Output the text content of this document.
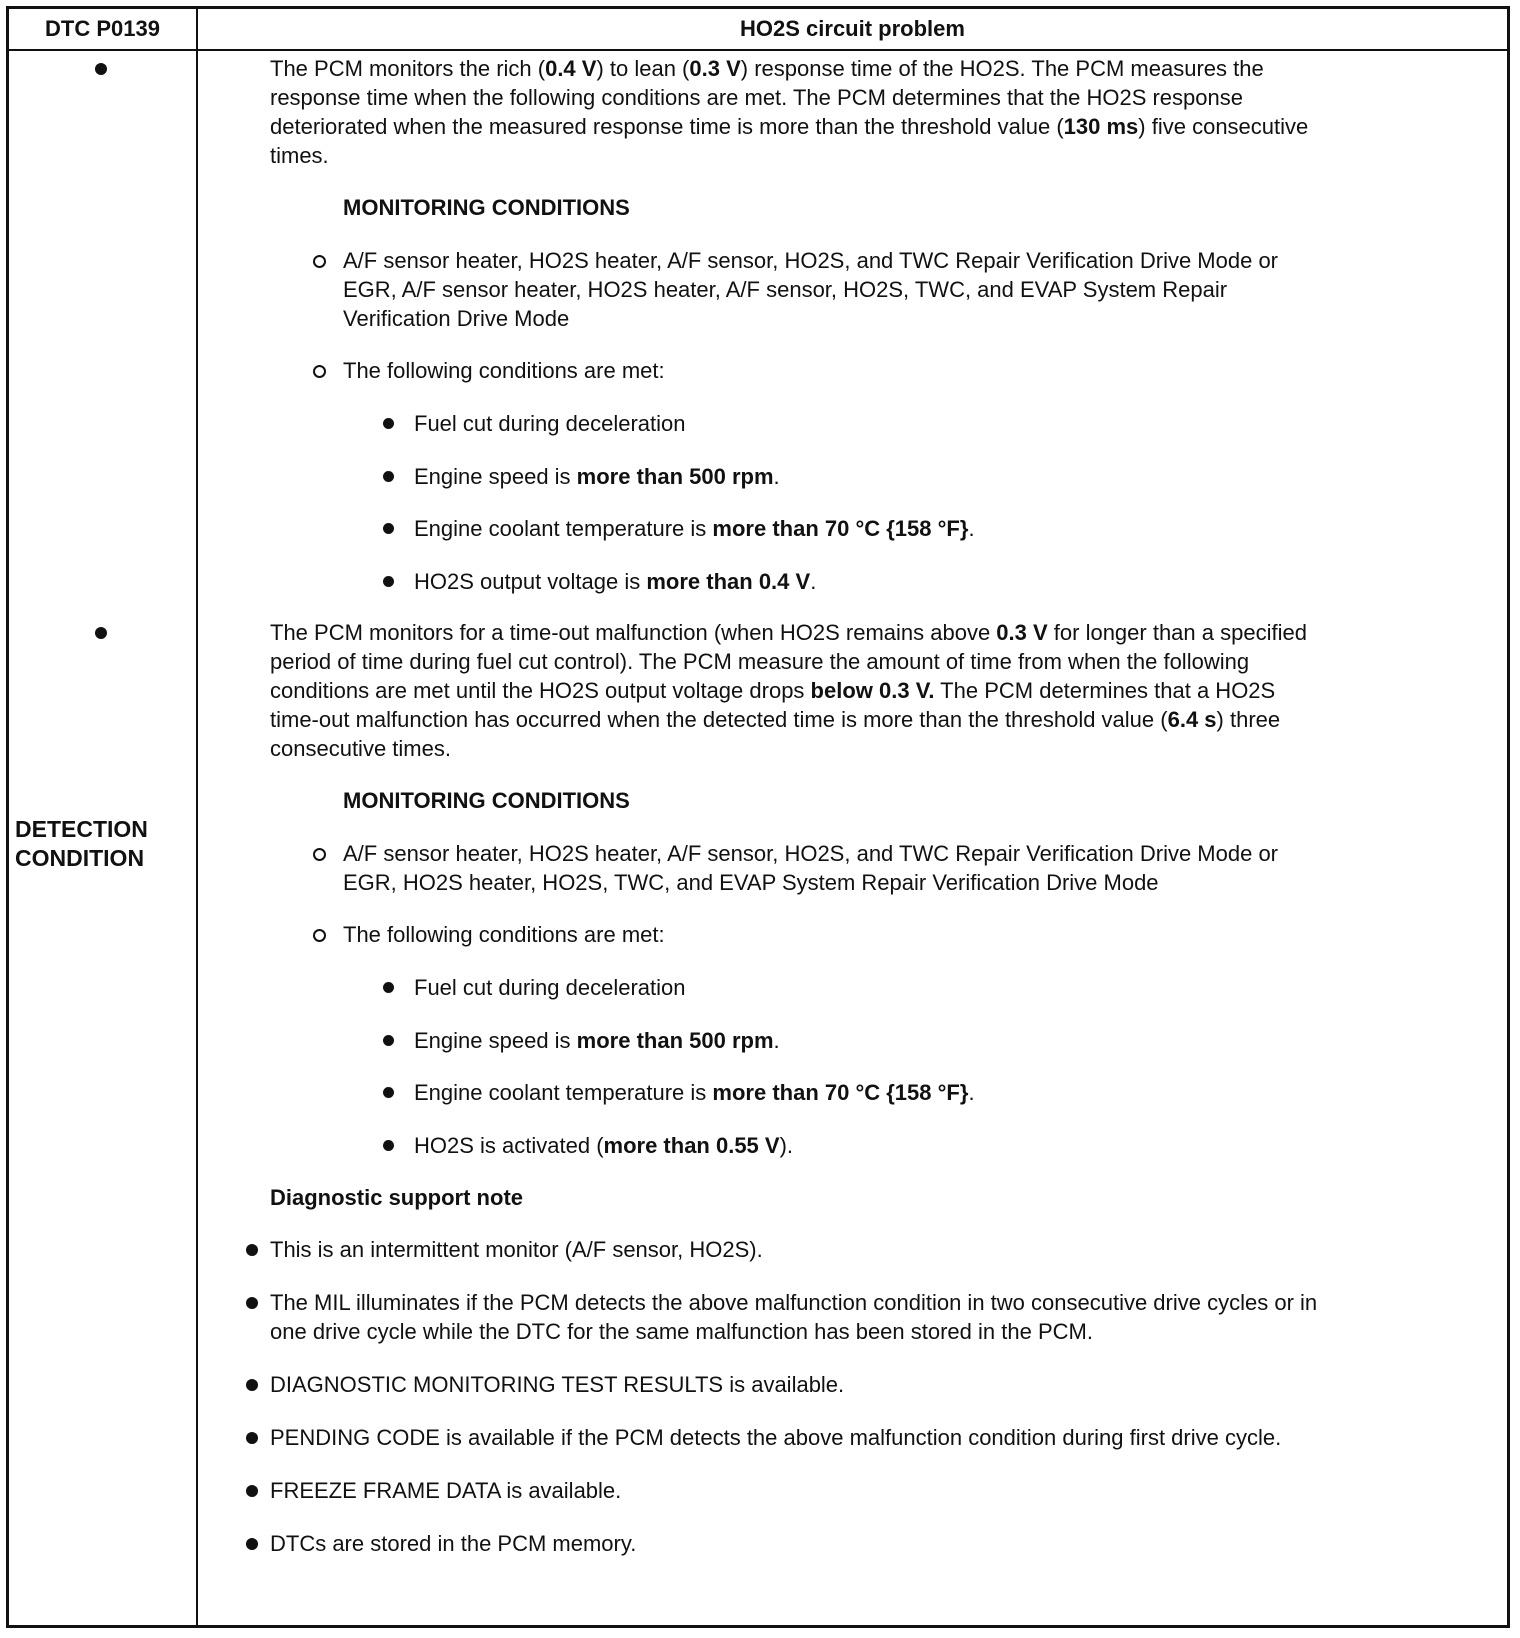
DTC P0139	HO2S circuit problem
DETECTION
CONDITION
The PCM monitors the rich (0.4 V) to lean (0.3 V) response time of the HO2S. The PCM measures the
response time when the following conditions are met. The PCM determines that the HO2S response
deteriorated when the measured response time is more than the threshold value (130 ms) five consecutive
times.
MONITORING CONDITIONS
A/F sensor heater, HO2S heater, A/F sensor, HO2S, and TWC Repair Verification Drive Mode or
EGR, A/F sensor heater, HO2S heater, A/F sensor, HO2S, TWC, and EVAP System Repair
Verification Drive Mode
The following conditions are met:
Fuel cut during deceleration
Engine speed is more than 500 rpm.
Engine coolant temperature is more than 70 °C {158 °F}.
HO2S output voltage is more than 0.4 V.
The PCM monitors for a time-out malfunction (when HO2S remains above 0.3 V for longer than a specified
period of time during fuel cut control). The PCM measure the amount of time from when the following
conditions are met until the HO2S output voltage drops below 0.3 V. The PCM determines that a HO2S
time-out malfunction has occurred when the detected time is more than the threshold value (6.4 s) three
consecutive times.
MONITORING CONDITIONS
A/F sensor heater, HO2S heater, A/F sensor, HO2S, and TWC Repair Verification Drive Mode or
EGR, HO2S heater, HO2S, TWC, and EVAP System Repair Verification Drive Mode
The following conditions are met:
Fuel cut during deceleration
Engine speed is more than 500 rpm.
Engine coolant temperature is more than 70 °C {158 °F}.
HO2S is activated (more than 0.55 V).
Diagnostic support note
This is an intermittent monitor (A/F sensor, HO2S).
The MIL illuminates if the PCM detects the above malfunction condition in two consecutive drive cycles or in
one drive cycle while the DTC for the same malfunction has been stored in the PCM.
DIAGNOSTIC MONITORING TEST RESULTS is available.
PENDING CODE is available if the PCM detects the above malfunction condition during first drive cycle.
FREEZE FRAME DATA is available.
DTCs are stored in the PCM memory.
